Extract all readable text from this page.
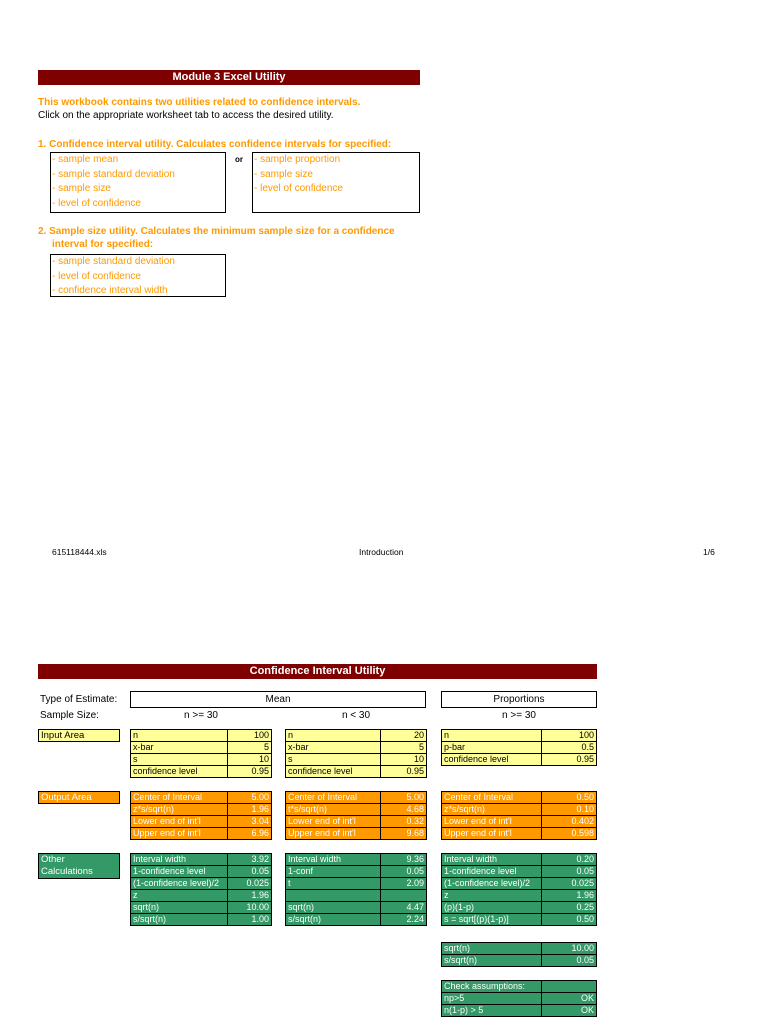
Module 3 Excel Utility
This workbook contains two utilities related to confidence intervals.
Click on the appropriate worksheet tab to access the desired utility.
1. Confidence interval utility. Calculates confidence intervals for specified:
- sample mean
- sample standard deviation
- sample size
- level of confidence
or - sample proportion
- sample size
- level of confidence
2. Sample size utility. Calculates the minimum sample size for a confidence
interval for specified:
- sample standard deviation
- level of confidence
- confidence interval width
615118444.xls	Introduction	1/6
Confidence Interval Utility
Type of Estimate:
Sample Size:
Mean	Proportions
n >= 30	n < 30	n >= 30
Input Area
Output Area
Other
Calculations
n	100
x-bar	5
s	10
confidence level	0.95
n	20
x-bar	5
s	10
confidence level	0.95
n	100
p-bar	0.5
confidence level	0.95
Center of Interval	5.00
z*s/sqrt(n)	1.96
Lower end of int'l	3.04
Upper end of int'l	6.96
Center of Interval	5.00
t*s/sqrt(n)	4.68
Lower end of int'l	0.32
Upper end of int'l	9.68
Center of Interval	0.50
z*s/sqrt(n)	0.10
Lower end of int'l	0.402
Upper end of int'l	0.598
Interval width	3.92
1-confidence level	0.05
(1-confidence level)/2	0.025
z	1.96
sqrt(n)	10.00
s/sqrt(n)	1.00
Interval width	9.36
1-conf	0.05
t	2.09

sqrt(n)	4.47
s/sqrt(n)	2.24
Interval width	0.20
1-confidence level	0.05
(1-confidence level)/2	0.025
z	1.96
(p)(1-p)	0.25
s = sqrt[(p)(1-p)]	0.50
sqrt(n)	10.00
s/sqrt(n)	0.05
Check assumptions:	
np>5	OK
n(1-p) > 5	OK
